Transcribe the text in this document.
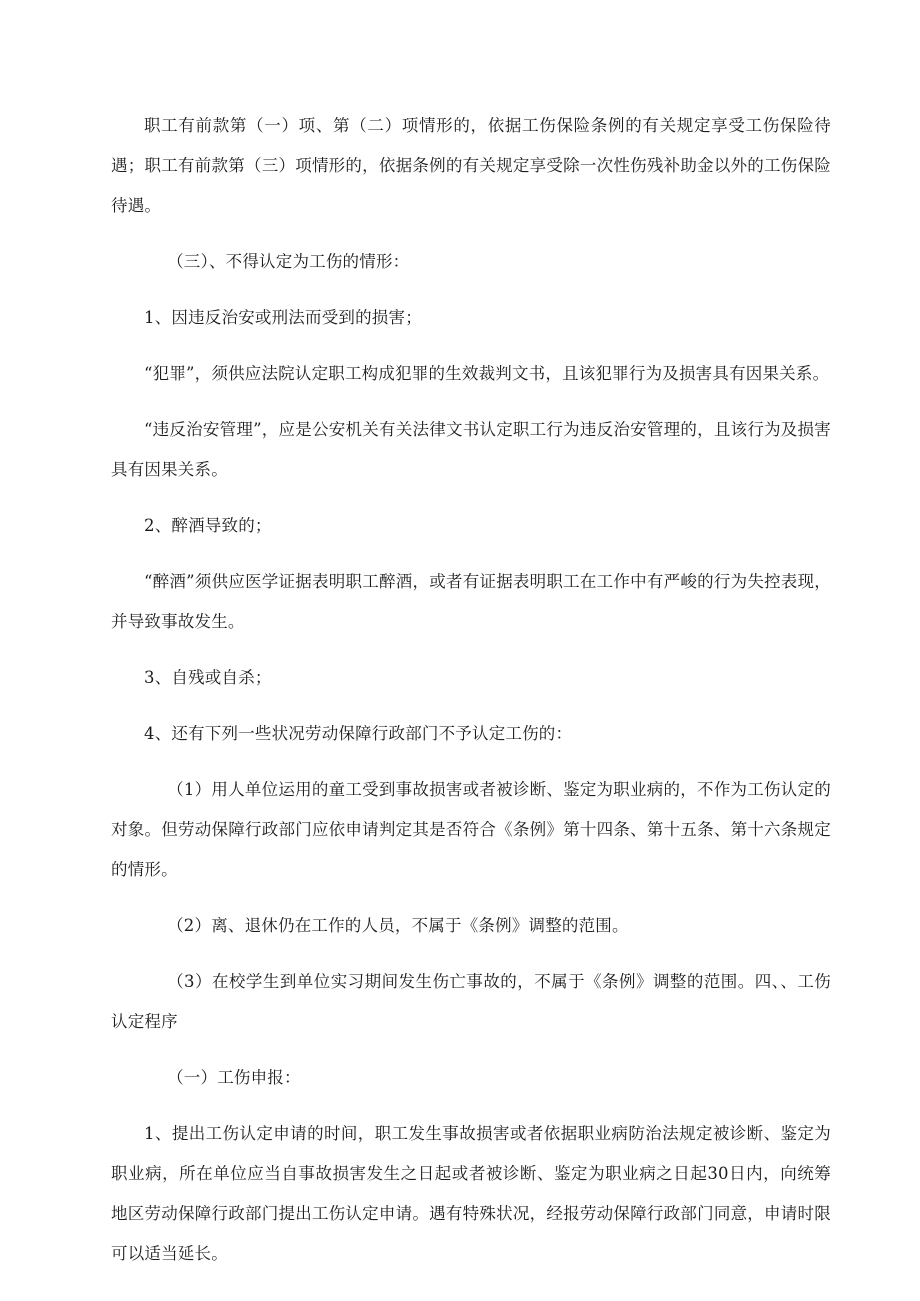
职工有前款第（一）项、第（二）项情形的，依据工伤保险条例的有关规定享受工伤保险待遇；职工有前款第（三）项情形的，依据条例的有关规定享受除一次性伤残补助金以外的工伤保险待遇。

（三）、不得认定为工伤的情形：

1、因违反治安或刑法而受到的损害；

“犯罪”，须供应法院认定职工构成犯罪的生效裁判文书，且该犯罪行为及损害具有因果关系。

“违反治安管理”，应是公安机关有关法律文书认定职工行为违反治安管理的，且该行为及损害具有因果关系。

2、醉酒导致的；

“醉酒”须供应医学证据表明职工醉酒，或者有证据表明职工在工作中有严峻的行为失控表现，并导致事故发生。

3、自残或自杀；

4、还有下列一些状况劳动保障行政部门不予认定工伤的：

（1）用人单位运用的童工受到事故损害或者被诊断、鉴定为职业病的，不作为工伤认定的对象。但劳动保障行政部门应依申请判定其是否符合《条例》第十四条、第十五条、第十六条规定的情形。

（2）离、退休仍在工作的人员，不属于《条例》调整的范围。

（3）在校学生到单位实习期间发生伤亡事故的，不属于《条例》调整的范围。四、、工伤认定程序

（一）工伤申报：

1、提出工伤认定申请的时间，职工发生事故损害或者依据职业病防治法规定被诊断、鉴定为职业病，所在单位应当自事故损害发生之日起或者被诊断、鉴定为职业病之日起30日内，向统筹地区劳动保障行政部门提出工伤认定申请。遇有特殊状况，经报劳动保障行政部门同意，申请时限可以适当延长。
